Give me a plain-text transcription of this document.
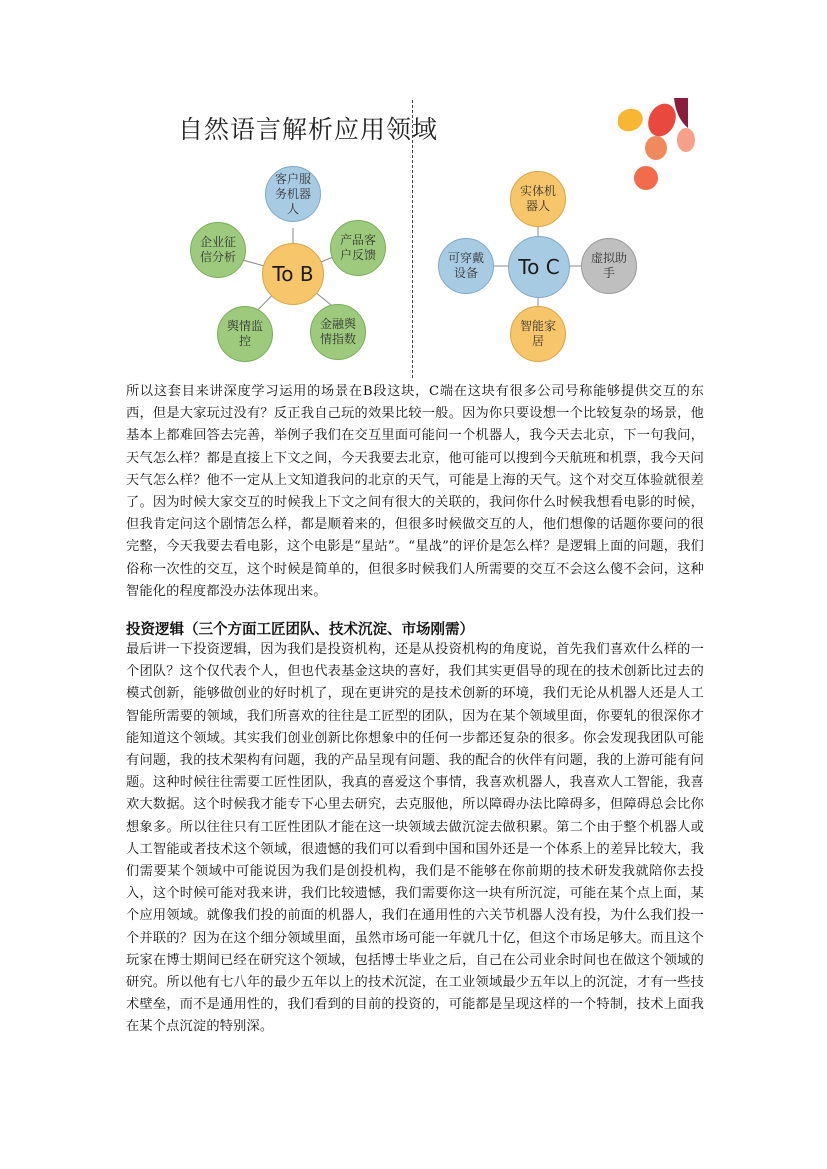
自然语言解析应用领域
To B
客户服务机器人
产品客户反馈
金融舆情指数
舆情监控
企业征信分析	To C
实体机器人
虚拟助手
智能家居
可穿戴设备
所以这套目来讲深度学习运用的场景在B段这块，C端在这块有很多公司号称能够提供交互的东西，但是大家玩过没有？反正我自己玩的效果比较一般。因为你只要设想一个比较复杂的场景，他基本上都难回答去完善，举例子我们在交互里面可能问一个机器人，我今天去北京，下一句我问，天气怎么样？都是直接上下文之间，今天我要去北京，他可能可以搜到今天航班和机票，我今天问天气怎么样？他不一定从上文知道我问的北京的天气，可能是上海的天气。这个对交互体验就很差了。因为时候大家交互的时候我上下文之间有很大的关联的，我问你什么时候我想看电影的时候，但我肯定问这个剧情怎么样，都是顺着来的，但很多时候做交互的人，他们想像的话题你要问的很完整，今天我要去看电影，这个电影是“星站”。“星战”的评价是怎么样？是逻辑上面的问题，我们俗称一次性的交互，这个时候是简单的，但很多时候我们人所需要的交互不会这么傻不会问，这种智能化的程度都没办法体现出来。
投资逻辑（三个方面工匠团队、技术沉淀、市场刚需）
最后讲一下投资逻辑，因为我们是投资机构，还是从投资机构的角度说，首先我们喜欢什么样的一个团队？这个仅代表个人，但也代表基金这块的喜好，我们其实更倡导的现在的技术创新比过去的模式创新，能够做创业的好时机了，现在更讲究的是技术创新的环境，我们无论从机器人还是人工智能所需要的领域，我们所喜欢的往往是工匠型的团队，因为在某个领域里面，你要轧的很深你才能知道这个领域。其实我们创业创新比你想象中的任何一步都还复杂的很多。你会发现我团队可能有问题，我的技术架构有问题，我的产品呈现有问题、我的配合的伙伴有问题，我的上游可能有问题。这种时候往往需要工匠性团队，我真的喜爱这个事情，我喜欢机器人，我喜欢人工智能，我喜欢大数据。这个时候我才能专下心里去研究，去克服他，所以障碍办法比障碍多，但障碍总会比你想象多。所以往往只有工匠性团队才能在这一块领域去做沉淀去做积累。第二个由于整个机器人或人工智能或者技术这个领域，很遗憾的我们可以看到中国和国外还是一个体系上的差异比较大，我们需要某个领域中可能说因为我们是创投机构，我们是不能够在你前期的技术研发我就陪你去投入，这个时候可能对我来讲，我们比较遗憾，我们需要你这一块有所沉淀，可能在某个点上面，某个应用领域。就像我们投的前面的机器人，我们在通用性的六关节机器人没有投，为什么我们投一个并联的？因为在这个细分领域里面，虽然市场可能一年就几十亿，但这个市场足够大。而且这个玩家在博士期间已经在研究这个领域，包括博士毕业之后，自己在公司业余时间也在做这个领域的研究。所以他有七八年的最少五年以上的技术沉淀，在工业领域最少五年以上的沉淀，才有一些技术壁垒，而不是通用性的，我们看到的目前的投资的，可能都是呈现这样的一个特制，技术上面我在某个点沉淀的特别深。
